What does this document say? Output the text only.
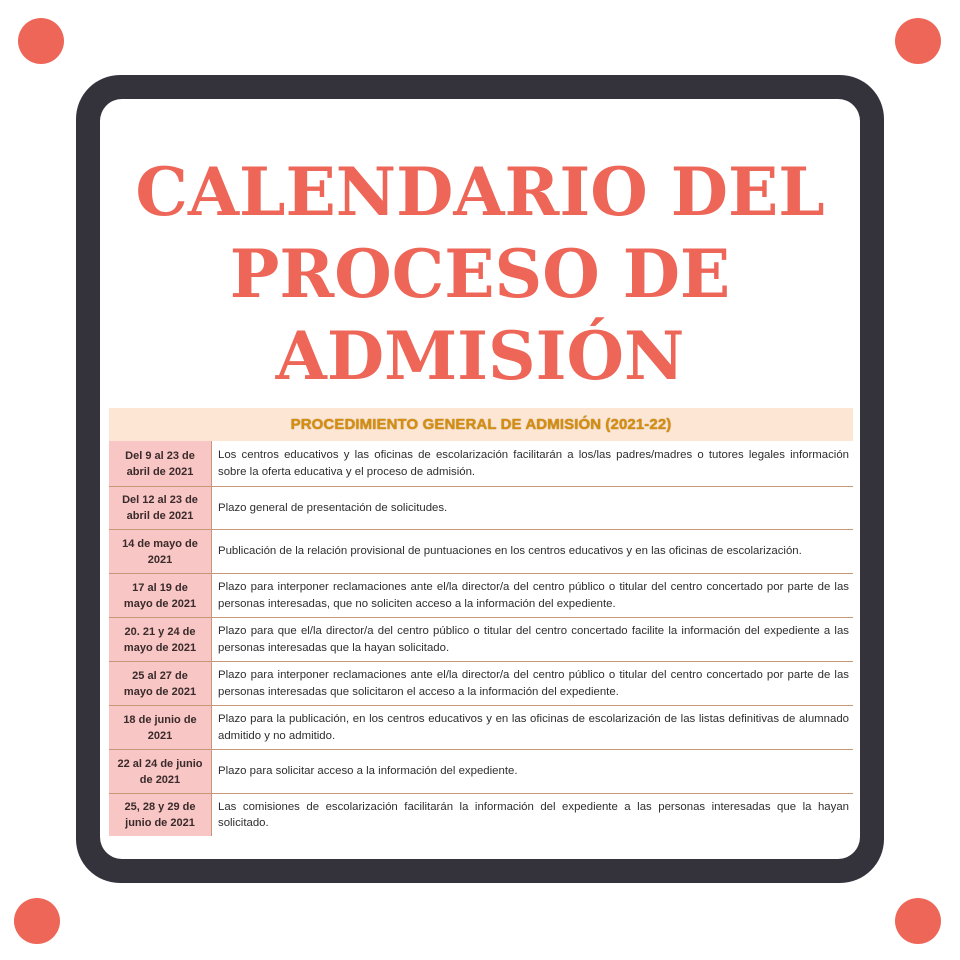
CALENDARIO DEL
PROCESO DE
ADMISIÓN
PROCEDIMIENTO GENERAL DE ADMISIÓN (2021-22)
Del 9 al 23 de
abril de 2021
Los centros educativos y las oficinas de escolarización facilitarán a los/las padres/madres o tutores legales información sobre la oferta educativa y el proceso de admisión.
Del 12 al 23 de
abril de 2021
Plazo general de presentación de solicitudes.
14 de mayo de
2021
Publicación de la relación provisional de puntuaciones en los centros educativos y en las oficinas de escolarización.
17 al 19 de
mayo de 2021
Plazo para interponer reclamaciones ante el/la director/a del centro público o titular del centro concertado por parte de las personas interesadas, que no soliciten acceso a la información del expediente.
20. 21 y 24 de
mayo de 2021
Plazo para que el/la director/a del centro público o titular del centro concertado facilite la información del expediente a las personas interesadas que la hayan solicitado.
25 al 27 de
mayo de 2021
Plazo para interponer reclamaciones ante el/la director/a del centro público o titular del centro concertado por parte de las personas interesadas que solicitaron el acceso a la información del expediente.
18 de junio de
2021
Plazo para la publicación, en los centros educativos y en las oficinas de escolarización de las listas definitivas de alumnado admitido y no admitido.
22 al 24 de junio
de 2021
Plazo para solicitar acceso a la información del expediente.
25, 28 y 29 de
junio de 2021
Las comisiones de escolarización facilitarán la información del expediente a las personas interesadas que la hayan solicitado.
